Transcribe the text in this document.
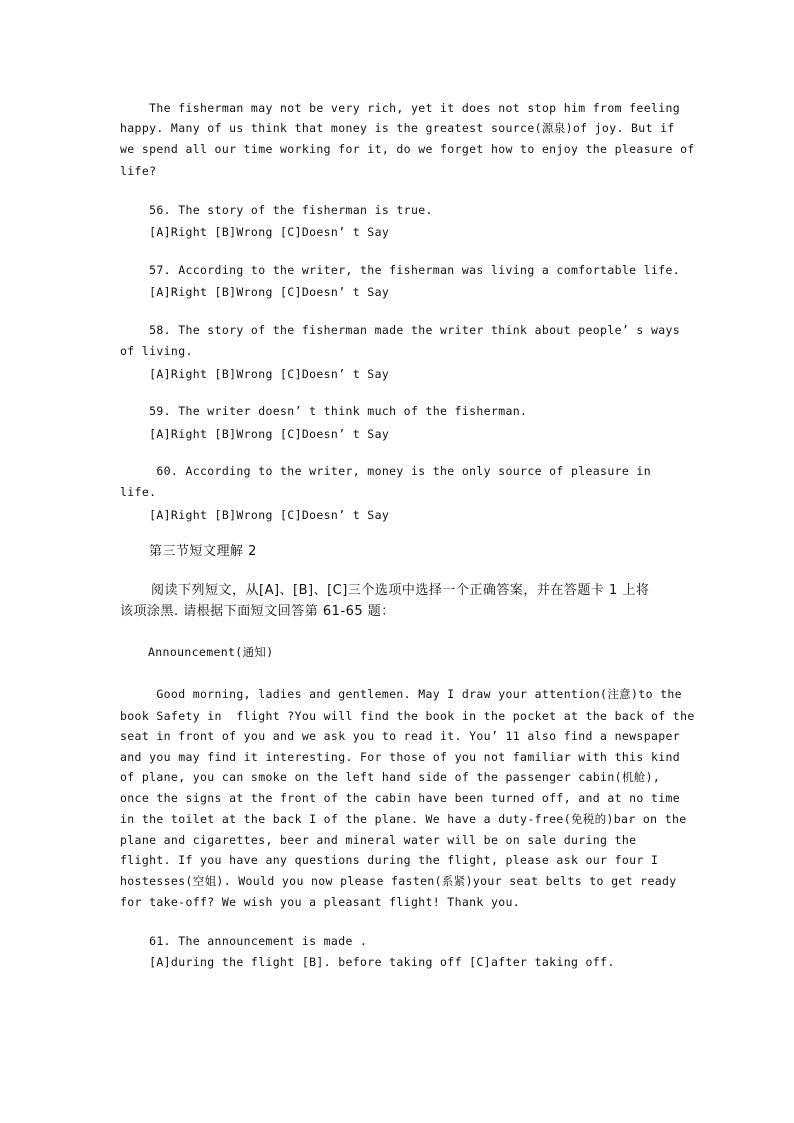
The fisherman may not be very rich, yet it does not stop him from feeling
happy. Many of us think that money is the greatest source(源泉)of joy. But if
we spend all our time working for it, do we forget how to enjoy the pleasure of
life?
56. The story of the fisherman is true.
[A]Right [B]Wrong [C]Doesn’ t Say
57. According to the writer, the fisherman was living a comfortable life.
[A]Right [B]Wrong [C]Doesn’ t Say
58. The story of the fisherman made the writer think about people’ s ways
of living.
[A]Right [B]Wrong [C]Doesn’ t Say
59. The writer doesn’ t think much of the fisherman.
[A]Right [B]Wrong [C]Doesn’ t Say
60. According to the writer, money is the only source of pleasure in
life.
[A]Right [B]Wrong [C]Doesn’ t Say
第三节短文理解 2
阅读下列短文，从[A]、[B]、[C]三个选项中选择一个正确答案，并在答题卡 1 上将
该项涂黑. 请根据下面短文回答第 61-65 题：
Announcement(通知)
Good morning, ladies and gentlemen. May I draw your attention(注意)to the
book Safety in  flight ?You will find the book in the pocket at the back of the
seat in front of you and we ask you to read it. You’ 11 also find a newspaper
and you may find it interesting. For those of you not familiar with this kind
of plane, you can smoke on the left hand side of the passenger cabin(机舱),
once the signs at the front of the cabin have been turned off, and at no time
in the toilet at the back I of the plane. We have a duty-free(免税的)bar on the
plane and cigarettes, beer and mineral water will be on sale during the
flight. If you have any questions during the flight, please ask our four I
hostesses(空姐). Would you now please fasten(系紧)your seat belts to get ready
for take-off? We wish you a pleasant flight! Thank you.
61. The announcement is made .
[A]during the flight [B]. before taking off [C]after taking off.
